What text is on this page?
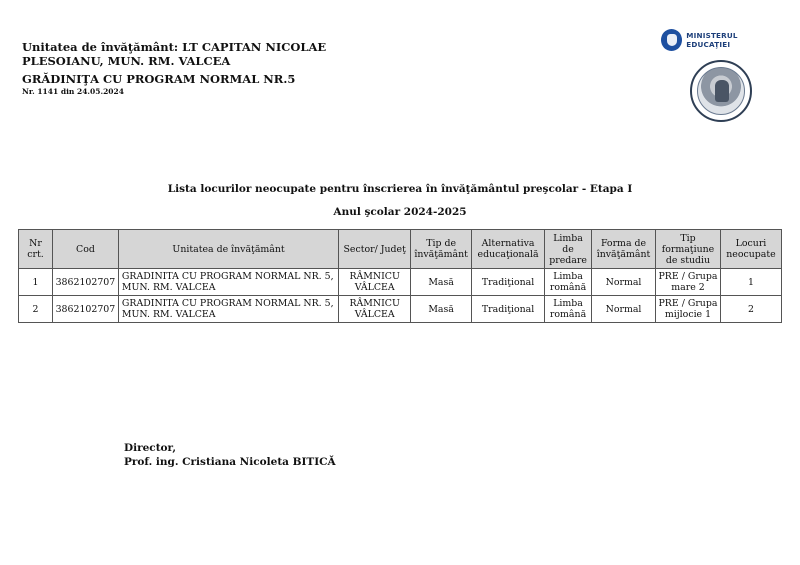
Unitatea de învăţământ: LT CAPITAN NICOLAE PLESOIANU, MUN. RM. VALCEA
GRĂDINIŢA CU PROGRAM NORMAL NR.5
Nr. 1141 din 24.05.2024
MINISTERUL EDUCAŢIEI
Lista locurilor neocupate pentru înscrierea în învăţământul preşcolar - Etapa I
Anul şcolar 2024-2025
Nr crt.	Cod	Unitatea de învăţământ	Sector/ Judeţ	Tip de învăţământ	Alternativa educaţională	Limba de predare	Forma de învăţământ	Tip formaţiune de studiu	Locuri neocupate
1	3862102707	GRADINITA CU PROGRAM NORMAL NR. 5, MUN. RM. VALCEA	RÂMNICU VÂLCEA	Masă	Tradiţional	Limba română	Normal	PRE / Grupa mare 2	1
2	3862102707	GRADINITA CU PROGRAM NORMAL NR. 5, MUN. RM. VALCEA	RÂMNICU VÂLCEA	Masă	Tradiţional	Limba română	Normal	PRE / Grupa mijlocie 1	2
Director,
Prof. ing. Cristiana Nicoleta BITICĂ
